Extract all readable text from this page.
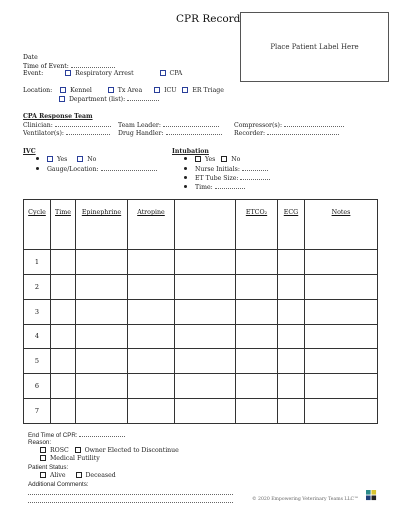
CPR Record
Place Patient Label Here
Date
Time of Event:
Event:	Respiratory Arrest	CPA
Location:	Kennel	Tx Area	ICU	ER Triage
Department (list):
CPA Response Team
Clinician:	Team Leader:	Compressor(s):
Ventilator(s):	Drug Handler:	Recorder:
IVC
Yes	No
Gauge/Location:
Intubation
Yes	No
Nurse Initials:
ET Tube Size:
Time:
Cycle	Time	Epinephrine	Atropine		ETCO₂	ECG	Notes
1							
2							
3							
4							
5							
6							
7							
End Time of CPR:
Reason:
ROSC	Owner Elected to Discontinue
Medical Futility
Patient Status:
Alive	Deceased
Additional Comments:
© 2020 Empowering Veterinary Teams LLC™
